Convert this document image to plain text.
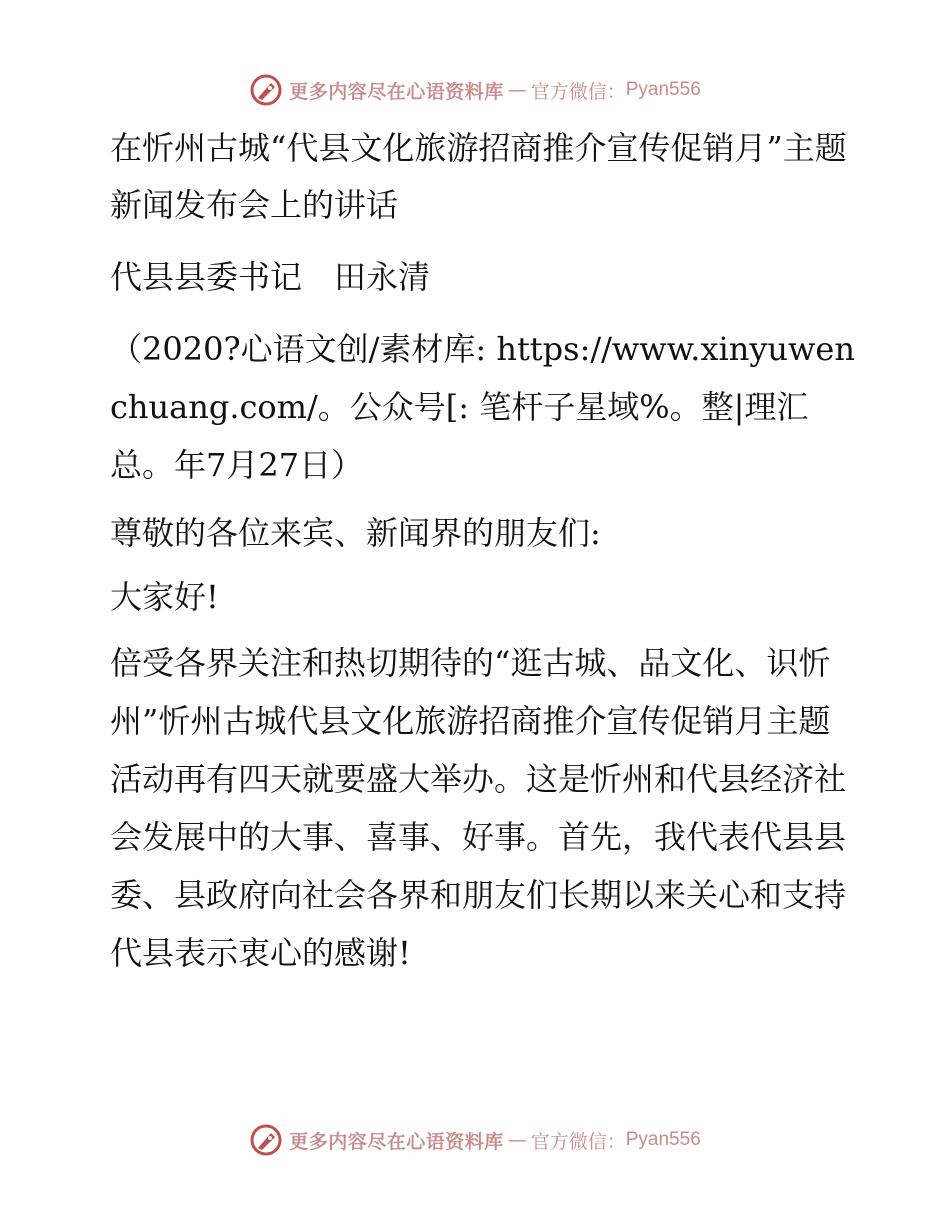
更多内容尽在心语资料库 — 官方微信： Pyan556

在忻州古城“代县文化旅游招商推介宣传促销月”主题新闻发布会上的讲话

代县县委书记　田永清

（2020?心语文创/素材库: https://www.xinyuwenchuang.com/。公众号[: 笔杆子星域%。整|理汇总。年7月27日）

尊敬的各位来宾、新闻界的朋友们:

大家好!

倍受各界关注和热切期待的“逛古城、品文化、识忻州”忻州古城代县文化旅游招商推介宣传促销月主题活动再有四天就要盛大举办。这是忻州和代县经济社会发展中的大事、喜事、好事。首先，我代表代县县委、县政府向社会各界和朋友们长期以来关心和支持代县表示衷心的感谢!

更多内容尽在心语资料库 — 官方微信： Pyan556
